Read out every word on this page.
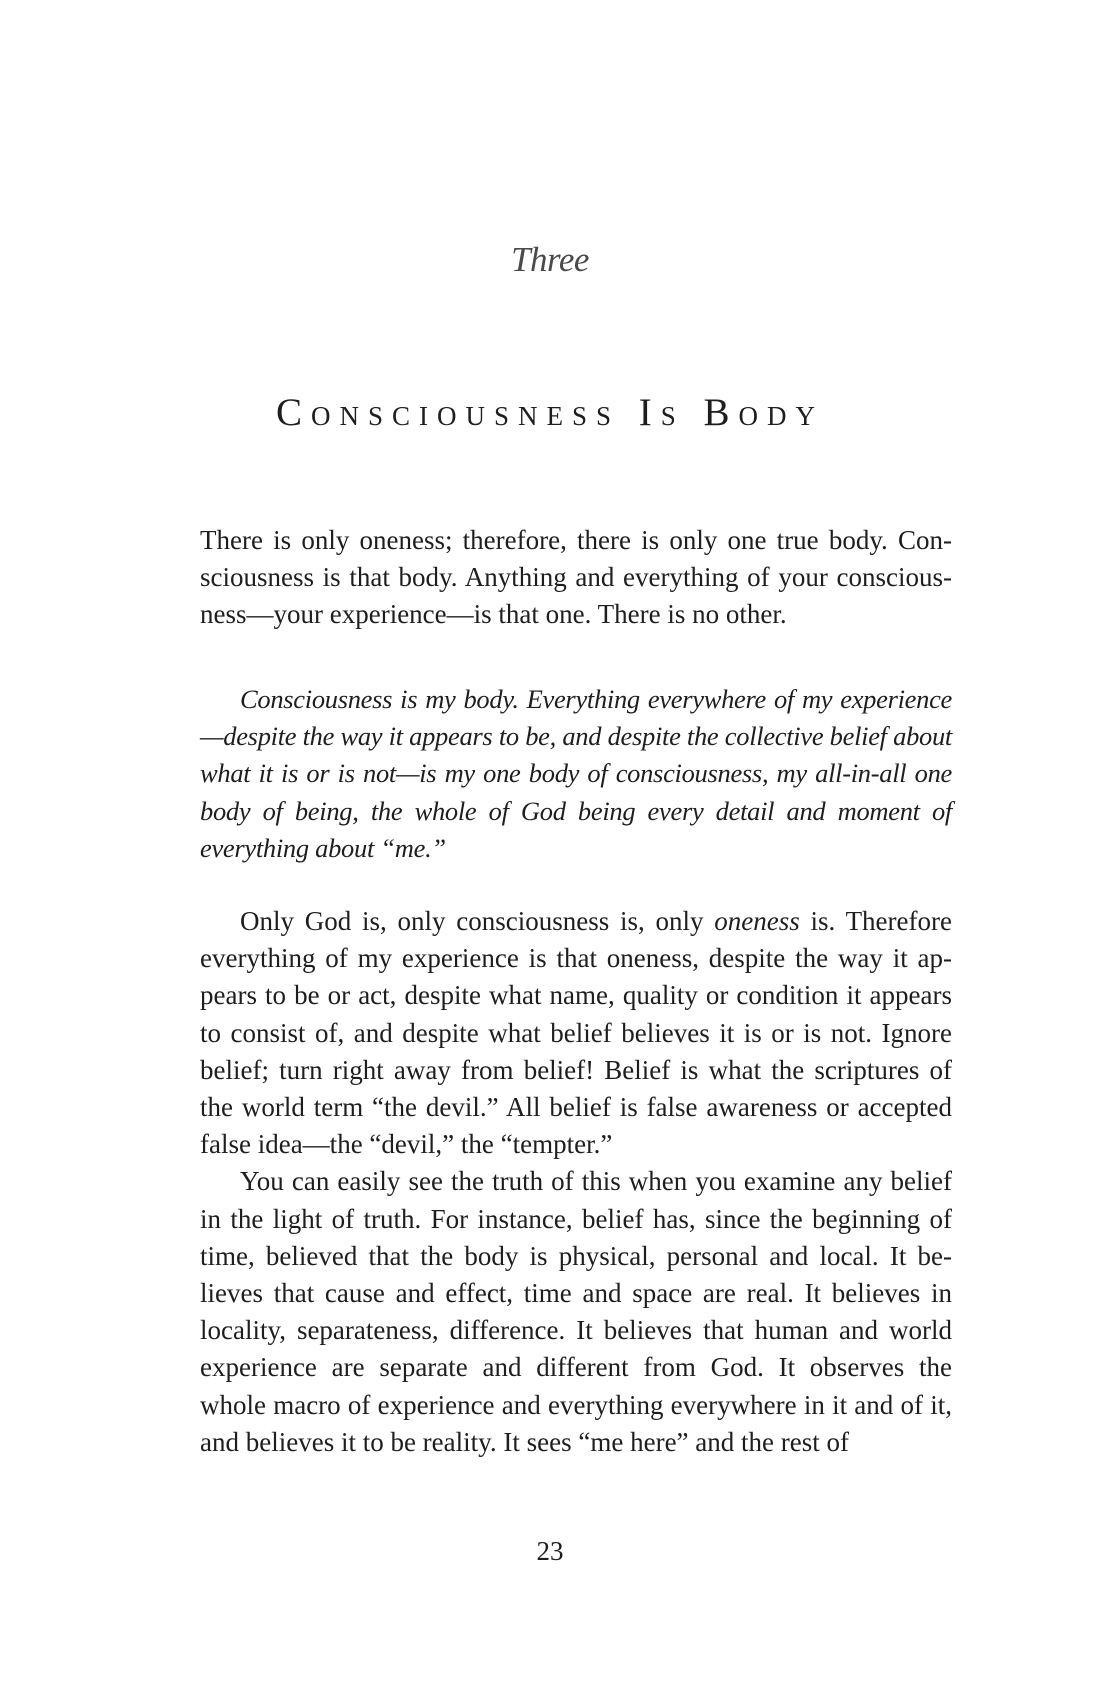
Three
Consciousness Is Body

There is only oneness; therefore, there is only one true body. Consciousness is that body. Anything and everything of your consciousness—your experience—is that one. There is no other.

Consciousness is my body. Everything everywhere of my experience—despite the way it appears to be, and despite the collective belief about what it is or is not—is my one body of consciousness, my all-in-all one body of being, the whole of God being every detail and moment of everything about “me.”

Only God is, only consciousness is, only oneness is. Therefore everything of my experience is that oneness, despite the way it appears to be or act, despite what name, quality or condition it appears to consist of, and despite what belief believes it is or is not. Ignore belief; turn right away from belief! Belief is what the scriptures of the world term “the devil.” All belief is false awareness or accepted false idea—the “devil,” the “tempter.”

You can easily see the truth of this when you examine any belief in the light of truth. For instance, belief has, since the beginning of time, believed that the body is physical, personal and local. It believes that cause and effect, time and space are real. It believes in locality, separateness, difference. It believes that human and world experience are separate and different from God. It observes the whole macro of experience and everything everywhere in it and of it, and believes it to be reality. It sees “me here” and the rest of

23
